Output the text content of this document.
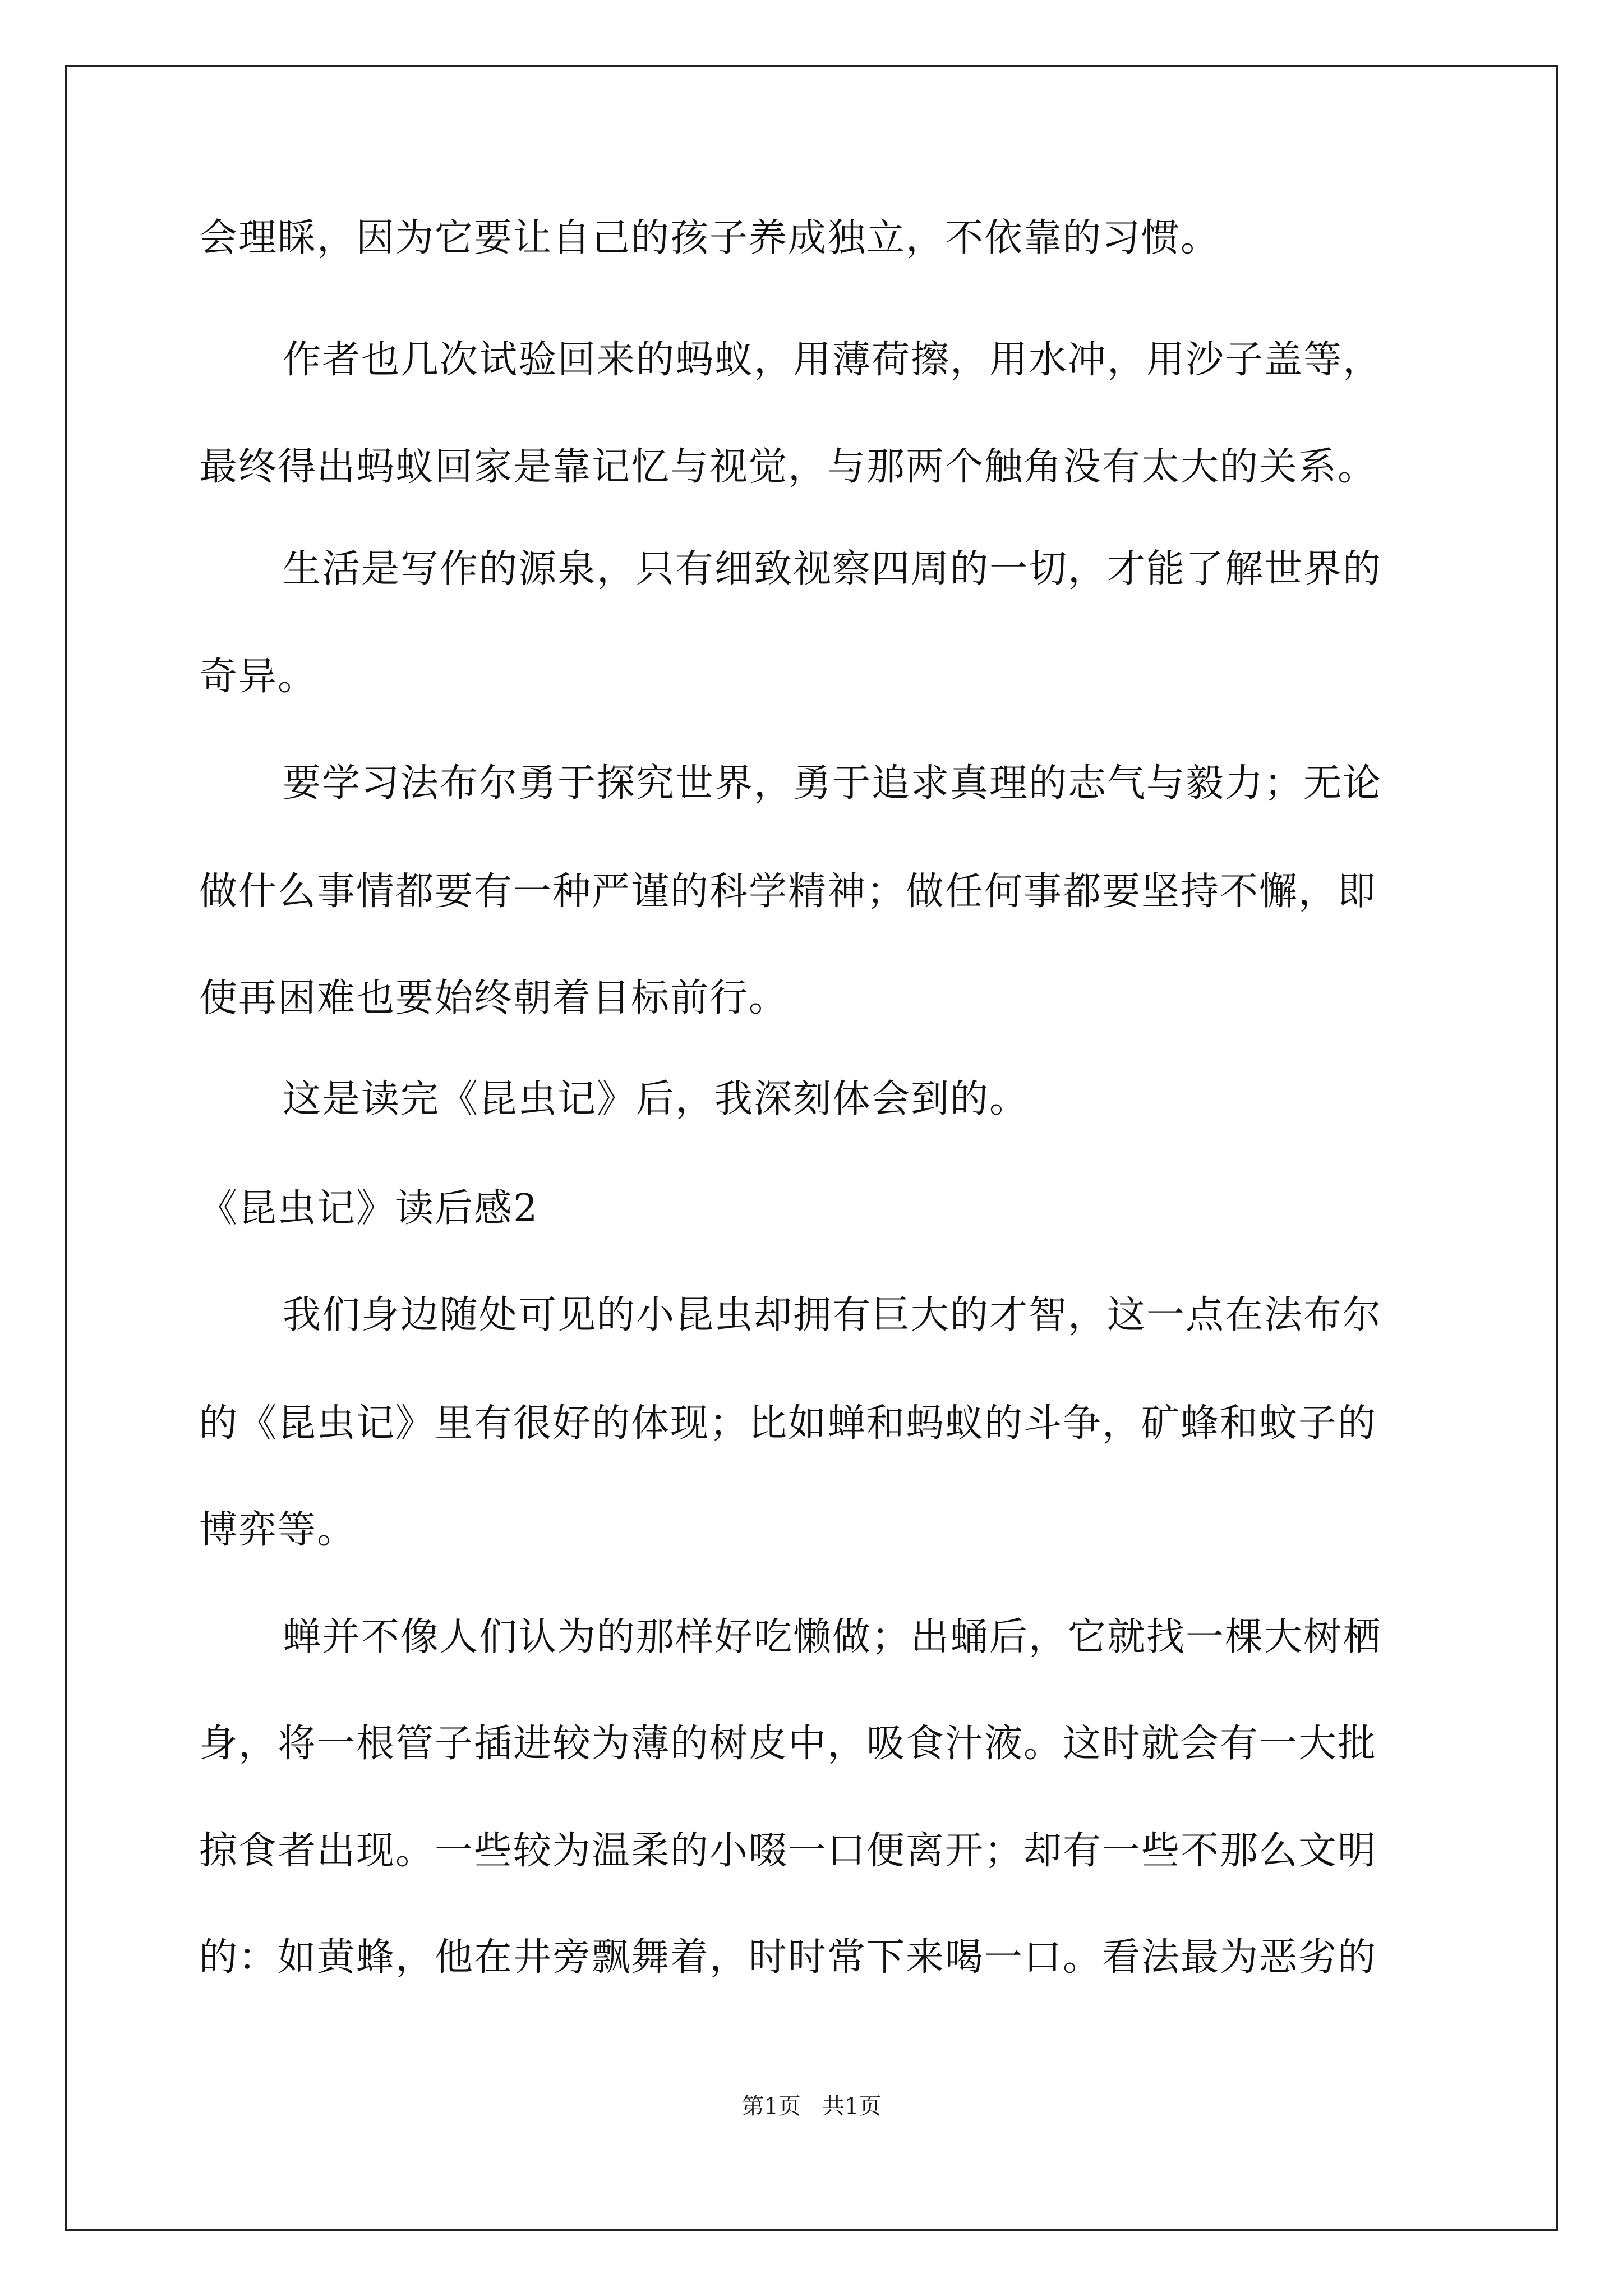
会理睬，因为它要让自己的孩子养成独立，不依靠的习惯。
作者也几次试验回来的蚂蚁，用薄荷擦，用水冲，用沙子盖等，
最终得出蚂蚁回家是靠记忆与视觉，与那两个触角没有太大的关系。
生活是写作的源泉，只有细致视察四周的一切，才能了解世界的
奇异。
要学习法布尔勇于探究世界，勇于追求真理的志气与毅力；无论
做什么事情都要有一种严谨的科学精神；做任何事都要坚持不懈，即
使再困难也要始终朝着目标前行。
这是读完《昆虫记》后，我深刻体会到的。
《昆虫记》读后感2
我们身边随处可见的小昆虫却拥有巨大的才智，这一点在法布尔
的《昆虫记》里有很好的体现；比如蝉和蚂蚁的斗争，矿蜂和蚊子的
博弈等。
蝉并不像人们认为的那样好吃懒做；出蛹后，它就找一棵大树栖
身，将一根管子插进较为薄的树皮中，吸食汁液。这时就会有一大批
掠食者出现。一些较为温柔的小啜一口便离开；却有一些不那么文明
的：如黄蜂，他在井旁飘舞着，时时常下来喝一口。看法最为恶劣的
第1页   共1页
